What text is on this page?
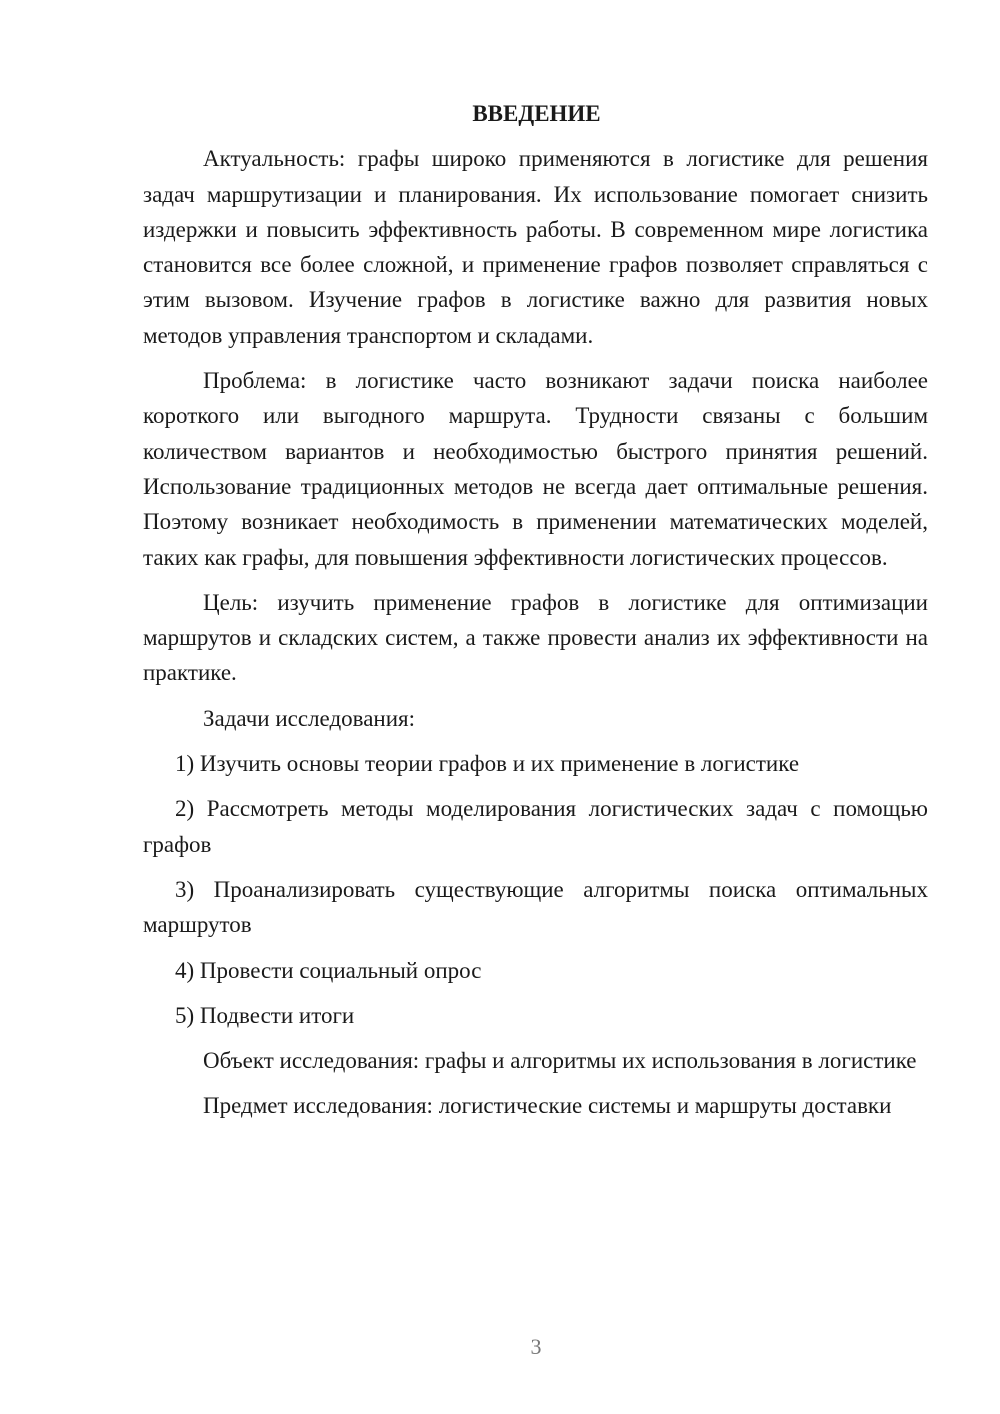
ВВЕДЕНИЕ

Актуальность: графы широко применяются в логистике для решения задач маршрутизации и планирования. Их использование помогает снизить издержки и повысить эффективность работы. В современном мире логистика становится все более сложной, и применение графов позволяет справляться с этим вызовом. Изучение графов в логистике важно для развития новых методов управления транспортом и складами.

Проблема: в логистике часто возникают задачи поиска наиболее короткого или выгодного маршрута. Трудности связаны с большим количеством вариантов и необходимостью быстрого принятия решений. Использование традиционных методов не всегда дает оптимальные решения. Поэтому возникает необходимость в применении математических моделей, таких как графы, для повышения эффективности логистических процессов.

Цель: изучить применение графов в логистике для оптимизации маршрутов и складских систем, а также провести анализ их эффективности на практике.

Задачи исследования:

1) Изучить основы теории графов и их применение в логистике

2) Рассмотреть методы моделирования логистических задач с помощью графов

3) Проанализировать существующие алгоритмы поиска оптимальных маршрутов

4) Провести социальный опрос

5) Подвести итоги

Объект исследования: графы и алгоритмы их использования в логистике

Предмет исследования: логистические системы и маршруты доставки

3
